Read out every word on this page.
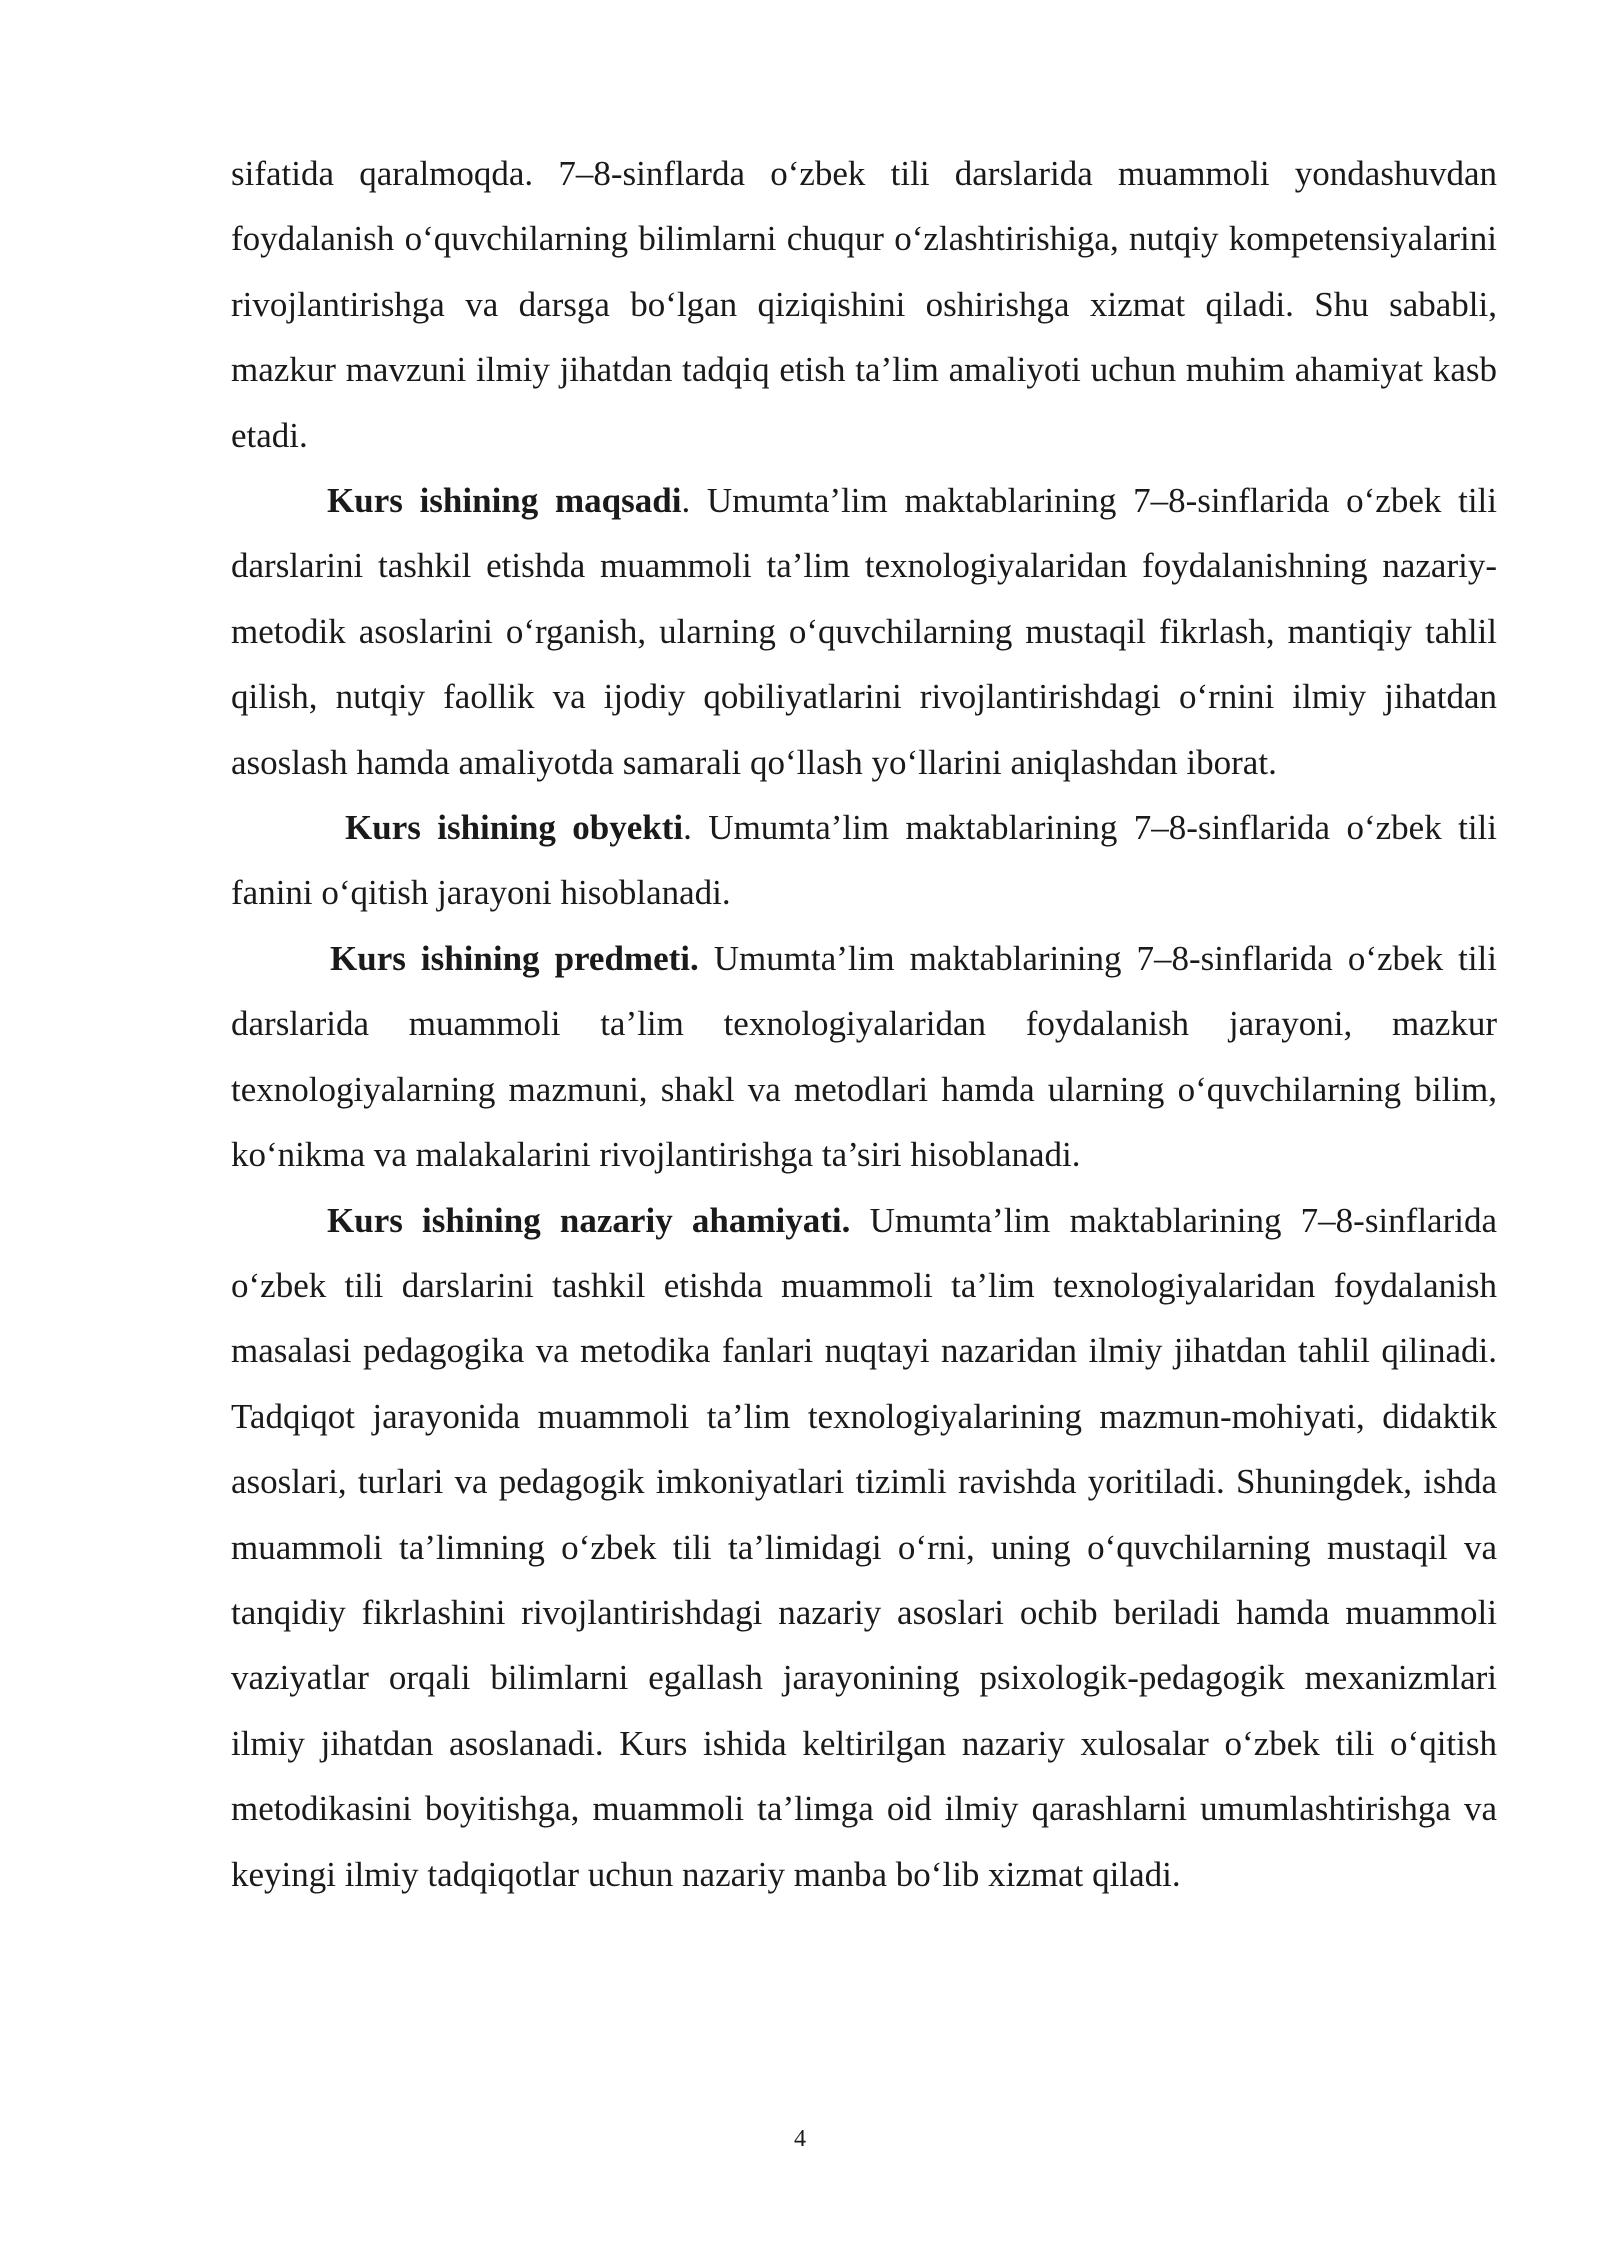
sifatida qaralmoqda. 7–8-sinflarda o‘zbek tili darslarida muammoli yondashuvdan foydalanish o‘quvchilarning bilimlarni chuqur o‘zlashtirishiga, nutqiy kompetensiyalarini rivojlantirishga va darsga bo‘lgan qiziqishini oshirishga xizmat qiladi. Shu sababli, mazkur mavzuni ilmiy jihatdan tadqiq etish ta’lim amaliyoti uchun muhim ahamiyat kasb etadi.

Kurs ishining maqsadi. Umumta’lim maktablarining 7–8-sinflarida o‘zbek tili darslarini tashkil etishda muammoli ta’lim texnologiyalaridan foydalanishning nazariy-metodik asoslarini o‘rganish, ularning o‘quvchilarning mustaqil fikrlash, mantiqiy tahlil qilish, nutqiy faollik va ijodiy qobiliyatlarini rivojlantirishdagi o‘rnini ilmiy jihatdan asoslash hamda amaliyotda samarali qo‘llash yo‘llarini aniqlashdan iborat.

Kurs ishining obyekti. Umumta’lim maktablarining 7–8-sinflarida o‘zbek tili fanini o‘qitish jarayoni hisoblanadi.

Kurs ishining predmeti. Umumta’lim maktablarining 7–8-sinflarida o‘zbek tili darslarida muammoli ta’lim texnologiyalaridan foydalanish jarayoni, mazkur texnologiyalarning mazmuni, shakl va metodlari hamda ularning o‘quvchilarning bilim, ko‘nikma va malakalarini rivojlantirishga ta’siri hisoblanadi.

Kurs ishining nazariy ahamiyati. Umumta’lim maktablarining 7–8-sinflarida o‘zbek tili darslarini tashkil etishda muammoli ta’lim texnologiyalaridan foydalanish masalasi pedagogika va metodika fanlari nuqtayi nazaridan ilmiy jihatdan tahlil qilinadi. Tadqiqot jarayonida muammoli ta’lim texnologiyalarining mazmun-mohiyati, didaktik asoslari, turlari va pedagogik imkoniyatlari tizimli ravishda yoritiladi. Shuningdek, ishda muammoli ta’limning o‘zbek tili ta’limidagi o‘rni, uning o‘quvchilarning mustaqil va tanqidiy fikrlashini rivojlantirishdagi nazariy asoslari ochib beriladi hamda muammoli vaziyatlar orqali bilimlarni egallash jarayonining psixologik-pedagogik mexanizmlari ilmiy jihatdan asoslanadi. Kurs ishida keltirilgan nazariy xulosalar o‘zbek tili o‘qitish metodikasini boyitishga, muammoli ta’limga oid ilmiy qarashlarni umumlashtirishga va keyingi ilmiy tadqiqotlar uchun nazariy manba bo‘lib xizmat qiladi.

4
